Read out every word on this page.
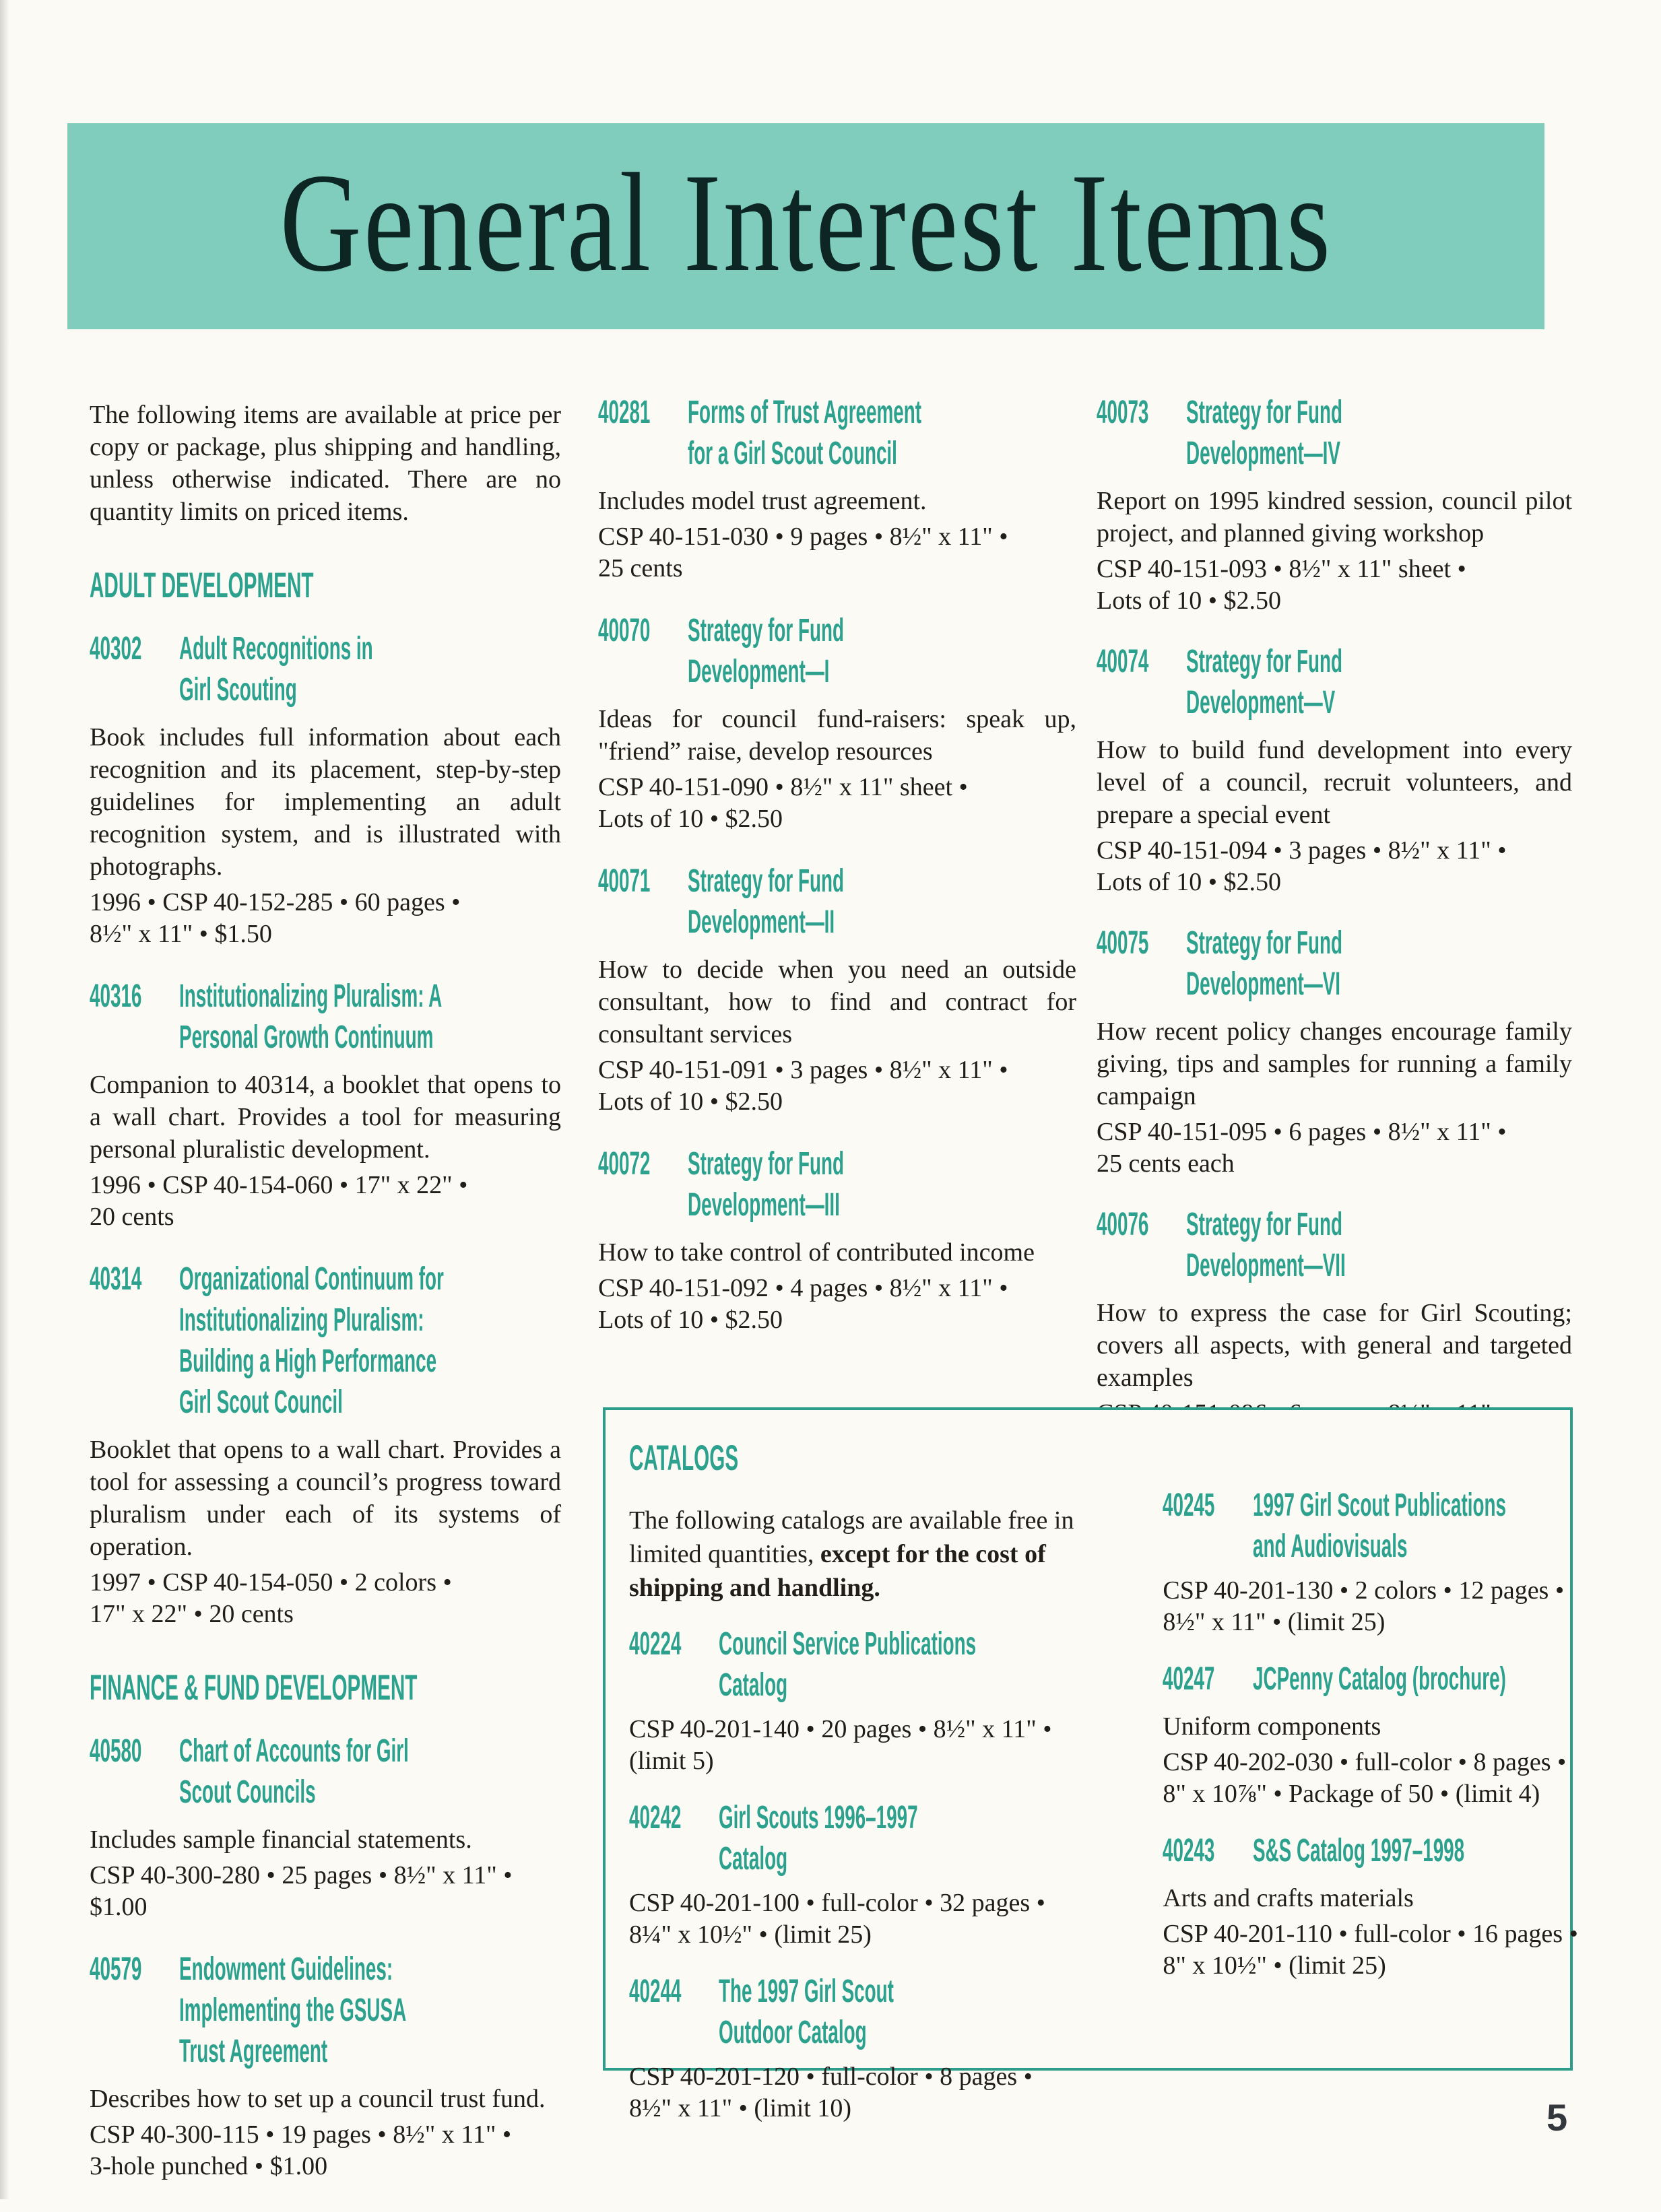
General Interest Items
The following items are available at price per copy or package, plus shipping and handling, unless otherwise indicated. There are no quantity limits on priced items.
ADULT DEVELOPMENT
40302	Adult Recognitions in
Girl Scouting
Book includes full information about each recognition and its placement, step-by-step guidelines for implementing an adult recognition system, and is illustrated with photographs.
1996 • CSP 40-152-285 • 60 pages •
8½" x 11" • $1.50
40316	Institutionalizing Pluralism: A
Personal Growth Continuum
Companion to 40314, a booklet that opens to a wall chart. Provides a tool for measuring personal pluralistic development.
1996 • CSP 40-154-060 • 17" x 22" •
20 cents
40314	Organizational Continuum for
Institutionalizing Pluralism:
Building a High Performance
Girl Scout Council
Booklet that opens to a wall chart. Provides a tool for assessing a council’s progress toward pluralism under each of its systems of operation.
1997 • CSP 40-154-050 • 2 colors •
17" x 22" • 20 cents
FINANCE & FUND DEVELOPMENT
40580	Chart of Accounts for Girl
Scout Councils
Includes sample financial statements.
CSP 40-300-280 • 25 pages • 8½" x 11" •
$1.00
40579	Endowment Guidelines:
Implementing the GSUSA
Trust Agreement
Describes how to set up a council trust fund.
CSP 40-300-115 • 19 pages • 8½" x 11" •
3-hole punched • $1.00
40281	Forms of Trust Agreement
for a Girl Scout Council
Includes model trust agreement.
CSP 40-151-030 • 9 pages • 8½" x 11" •
25 cents
40070	Strategy for Fund
Development—I
Ideas for council fund-raisers: speak up, "friend” raise, develop resources
CSP 40-151-090 • 8½" x 11" sheet •
Lots of 10 • $2.50
40071	Strategy for Fund
Development—II
How to decide when you need an outside consultant, how to find and contract for consultant services
CSP 40-151-091 • 3 pages • 8½" x 11" •
Lots of 10 • $2.50
40072	Strategy for Fund
Development—III
How to take control of contributed income
CSP 40-151-092 • 4 pages • 8½" x 11" •
Lots of 10 • $2.50
40073	Strategy for Fund
Development—IV
Report on 1995 kindred session, council pilot project, and planned giving workshop
CSP 40-151-093 • 8½" x 11" sheet •
Lots of 10 • $2.50
40074	Strategy for Fund
Development—V
How to build fund development into every level of a council, recruit volunteers, and prepare a special event
CSP 40-151-094 • 3 pages • 8½" x 11" •
Lots of 10 • $2.50
40075	Strategy for Fund
Development—VI
How recent policy changes encourage family giving, tips and samples for running a family campaign
CSP 40-151-095 • 6 pages • 8½" x 11" •
25 cents each
40076	Strategy for Fund
Development—VII
How to express the case for Girl Scouting; covers all aspects, with general and targeted examples
CATALOGS
The following catalogs are available free in limited quantities, except for the cost of shipping and handling.
40224	Council Service Publications
Catalog
CSP 40-201-140 • 20 pages • 8½" x 11" •
(limit 5)
40242	Girl Scouts 1996–1997
Catalog
CSP 40-201-100 • full-color • 32 pages •
8¼" x 10½" • (limit 25)
40244	The 1997 Girl Scout
Outdoor Catalog
CSP 40-201-120 • full-color • 8 pages •
8½" x 11" • (limit 10)
40245	1997 Girl Scout Publications
and Audiovisuals
CSP 40-201-130 • 2 colors • 12 pages •
8½" x 11" • (limit 25)
40247	JCPenny Catalog (brochure)
Uniform components
CSP 40-202-030 • full-color • 8 pages •
8" x 10⅞" • Package of 50 • (limit 4)
40243	S&S Catalog 1997–1998
Arts and crafts materials
CSP 40-201-110 • full-color • 16 pages •
8" x 10½" • (limit 25)
5
